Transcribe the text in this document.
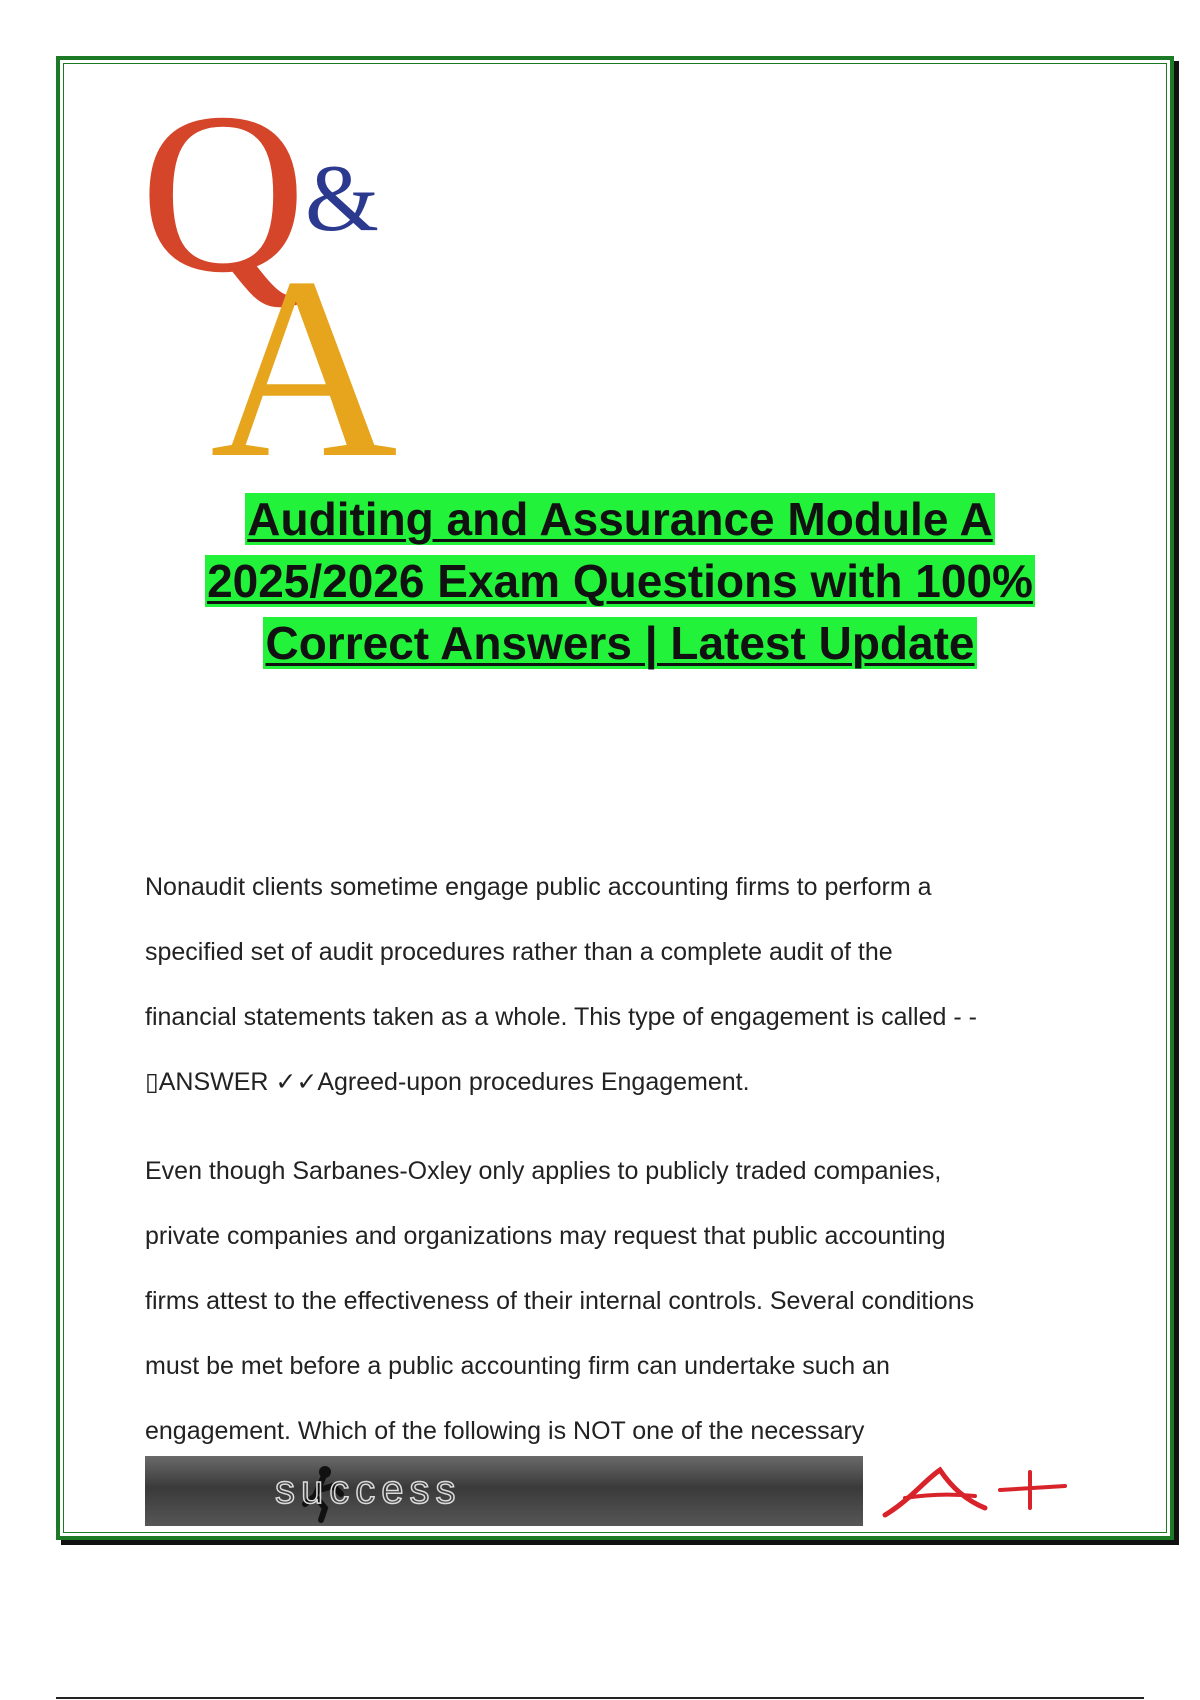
Q
&
A
Auditing and Assurance Module A
2025/2026 Exam Questions with 100%
Correct Answers | Latest Update
Nonaudit clients sometime engage public accounting firms to perform a
specified set of audit procedures rather than a complete audit of the
financial statements taken as a whole. This type of engagement is called - -
▯ANSWER ✓✓Agreed-upon procedures Engagement.
Even though Sarbanes-Oxley only applies to publicly traded companies,
private companies and organizations may request that public accounting
firms attest to the effectiveness of their internal controls. Several conditions
must be met before a public accounting firm can undertake such an
engagement. Which of the following is NOT one of the necessary
success
A+
